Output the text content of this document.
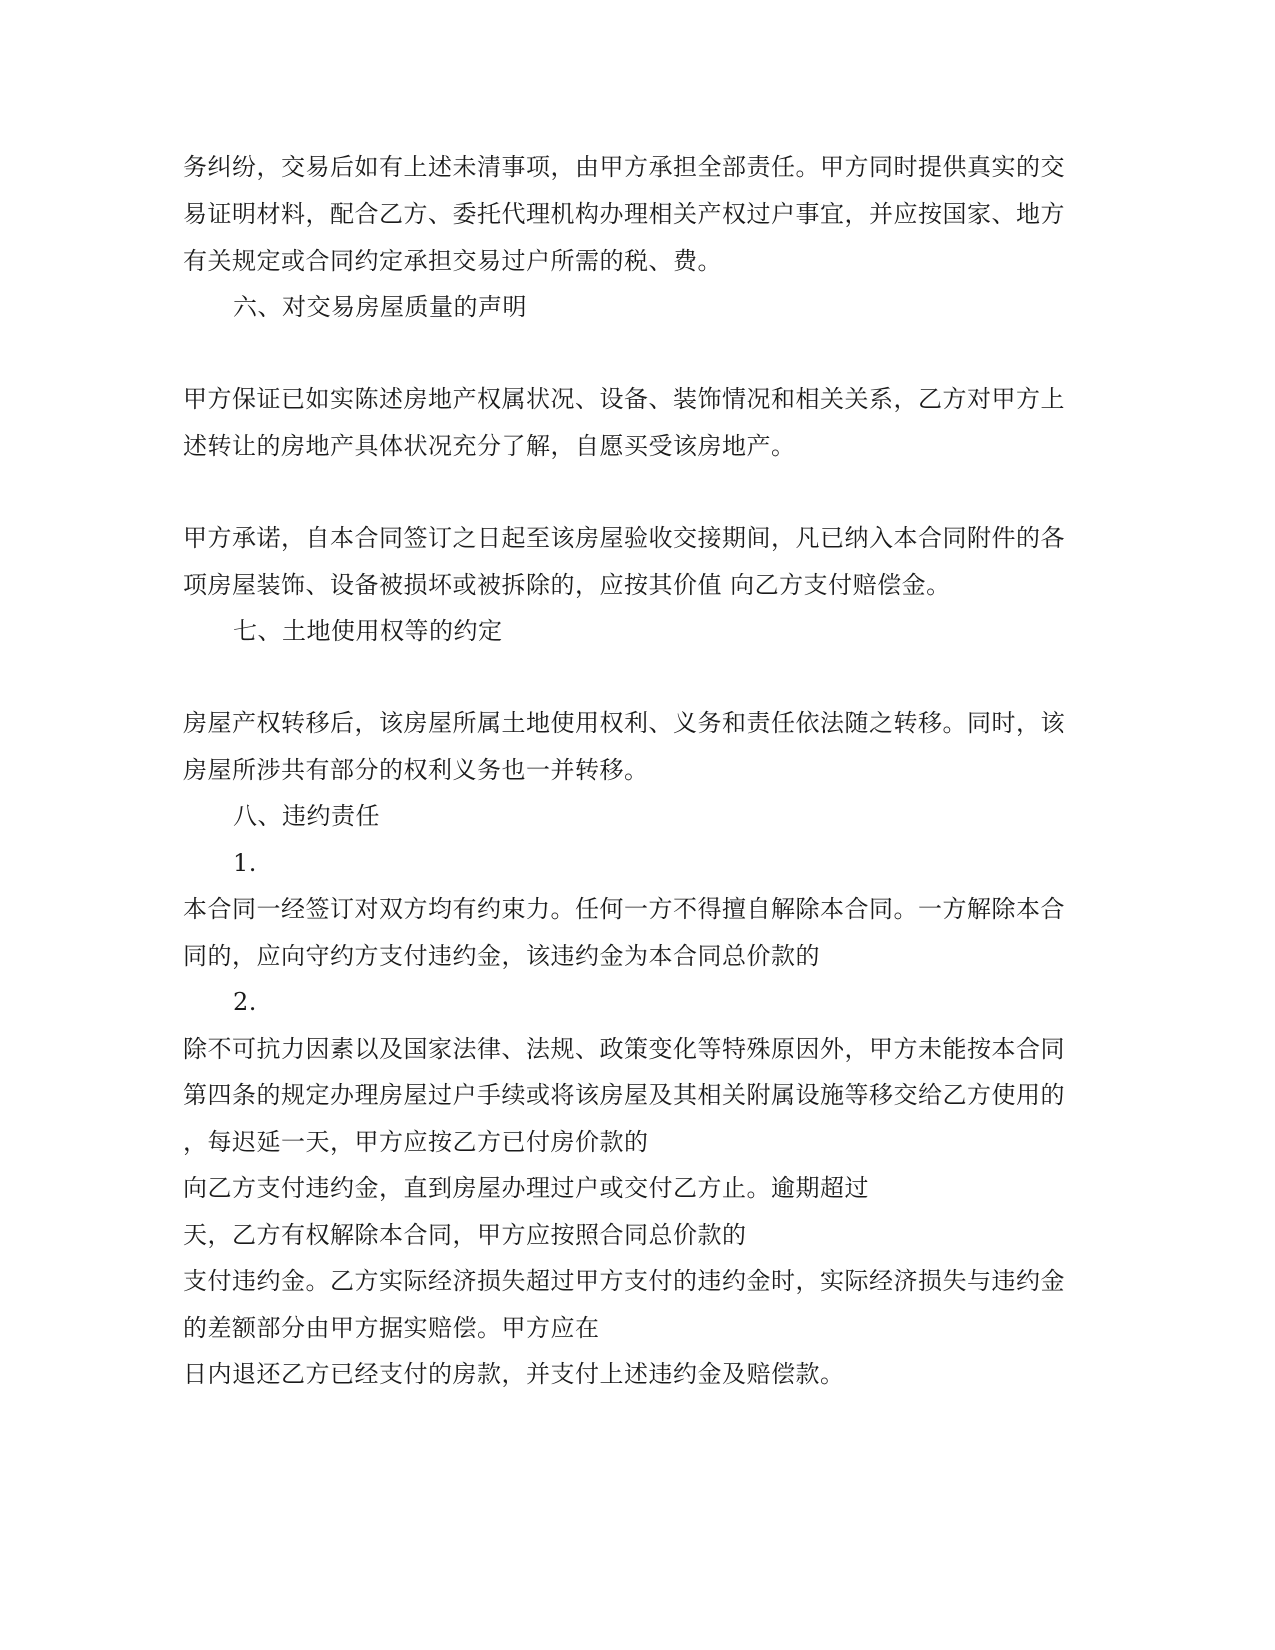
务纠纷，交易后如有上述未清事项，由甲方承担全部责任。甲方同时提供真实的交
易证明材料，配合乙方、委托代理机构办理相关产权过户事宜，并应按国家、地方
有关规定或合同约定承担交易过户所需的税、费。
六、对交易房屋质量的声明
甲方保证已如实陈述房地产权属状况、设备、装饰情况和相关关系，乙方对甲方上
述转让的房地产具体状况充分了解，自愿买受该房地产。
甲方承诺，自本合同签订之日起至该房屋验收交接期间，凡已纳入本合同附件的各
项房屋装饰、设备被损坏或被拆除的，应按其价值 向乙方支付赔偿金。
七、土地使用权等的约定
房屋产权转移后，该房屋所属土地使用权利、义务和责任依法随之转移。同时，该
房屋所涉共有部分的权利义务也一并转移。
八、违约责任
1.
本合同一经签订对双方均有约束力。任何一方不得擅自解除本合同。一方解除本合
同的，应向守约方支付违约金，该违约金为本合同总价款的
2.
除不可抗力因素以及国家法律、法规、政策变化等特殊原因外，甲方未能按本合同
第四条的规定办理房屋过户手续或将该房屋及其相关附属设施等移交给乙方使用的
，每迟延一天，甲方应按乙方已付房价款的
向乙方支付违约金，直到房屋办理过户或交付乙方止。逾期超过
天，乙方有权解除本合同，甲方应按照合同总价款的
支付违约金。乙方实际经济损失超过甲方支付的违约金时，实际经济损失与违约金
的差额部分由甲方据实赔偿。甲方应在
日内退还乙方已经支付的房款，并支付上述违约金及赔偿款。
